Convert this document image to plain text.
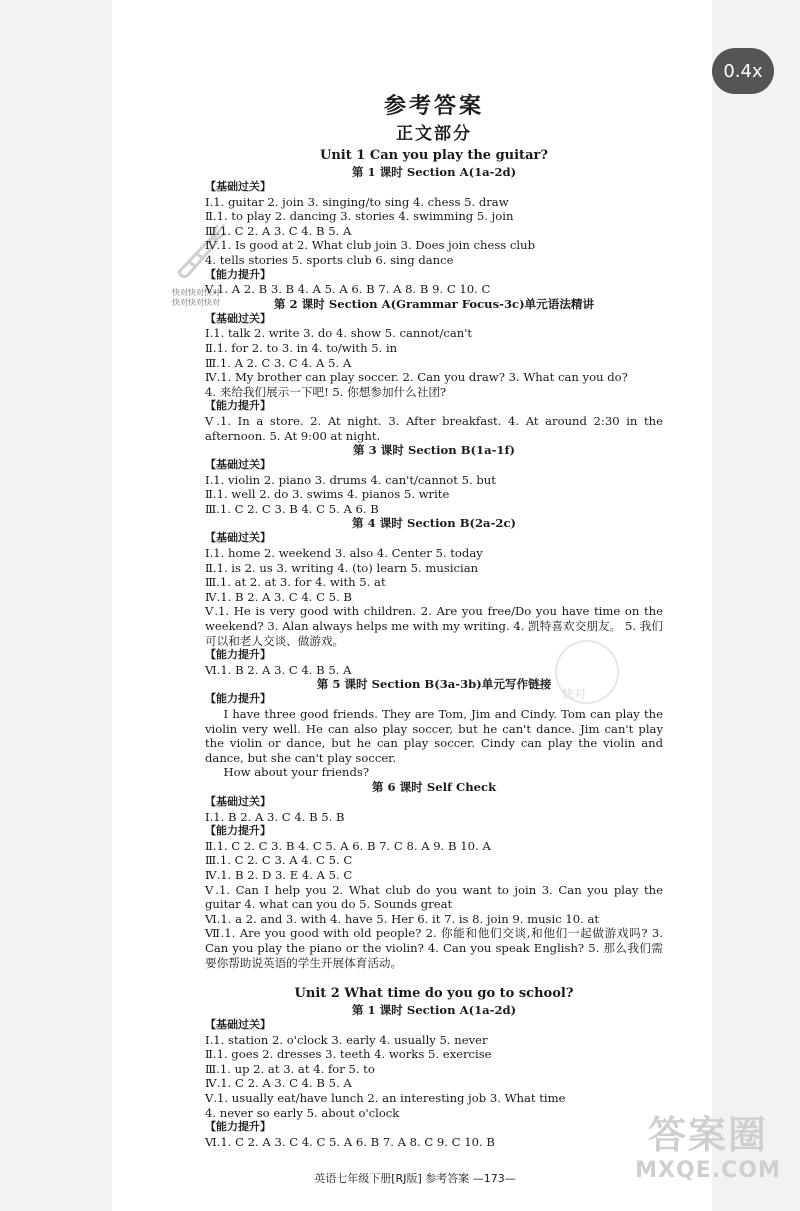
0.4x
快对快对快对
快对快对快对
快对
参考答案
正文部分
Unit 1 Can you play the guitar?
第 1 课时 Section A(1a-2d)
【基础过关】
Ⅰ.1. guitar 2. join 3. singing/to sing 4. chess 5. draw
Ⅱ.1. to play 2. dancing 3. stories 4. swimming 5. join
Ⅲ.1. C 2. A 3. C 4. B 5. A
Ⅳ.1. Is good at 2. What club join 3. Does join chess club
4. tells stories 5. sports club 6. sing dance
【能力提升】
Ⅴ.1. A 2. B 3. B 4. A 5. A 6. B 7. A 8. B 9. C 10. C
第 2 课时 Section A(Grammar Focus-3c)单元语法精讲
【基础过关】
Ⅰ.1. talk 2. write 3. do 4. show 5. cannot/can't
Ⅱ.1. for 2. to 3. in 4. to/with 5. in
Ⅲ.1. A 2. C 3. C 4. A 5. A
Ⅳ.1. My brother can play soccer. 2. Can you draw? 3. What can you do?
4. 来给我们展示一下吧! 5. 你想参加什么社团?
【能力提升】
Ⅴ.1. In a store. 2. At night. 3. After breakfast. 4. At around 2:30 in the afternoon. 5. At 9:00 at night.
第 3 课时 Section B(1a-1f)
【基础过关】
Ⅰ.1. violin 2. piano 3. drums 4. can't/cannot 5. but
Ⅱ.1. well 2. do 3. swims 4. pianos 5. write
Ⅲ.1. C 2. C 3. B 4. C 5. A 6. B
第 4 课时 Section B(2a-2c)
【基础过关】
Ⅰ.1. home 2. weekend 3. also 4. Center 5. today
Ⅱ.1. is 2. us 3. writing 4. (to) learn 5. musician
Ⅲ.1. at 2. at 3. for 4. with 5. at
Ⅳ.1. B 2. A 3. C 4. C 5. B
Ⅴ.1. He is very good with children. 2. Are you free/Do you have time on the weekend? 3. Alan always helps me with my writing. 4. 凯特喜欢交朋友。 5. 我们可以和老人交谈、做游戏。
【能力提升】
Ⅵ.1. B 2. A 3. C 4. B 5. A
第 5 课时 Section B(3a-3b)单元写作链接
【能力提升】
I have three good friends. They are Tom, Jim and Cindy. Tom can play the violin very well. He can also play soccer, but he can't dance. Jim can't play the violin or dance, but he can play soccer. Cindy can play the violin and dance, but she can't play soccer.
How about your friends?
第 6 课时 Self Check
【基础过关】
Ⅰ.1. B 2. A 3. C 4. B 5. B
【能力提升】
Ⅱ.1. C 2. C 3. B 4. C 5. A 6. B 7. C 8. A 9. B 10. A
Ⅲ.1. C 2. C 3. A 4. C 5. C
Ⅳ.1. B 2. D 3. E 4. A 5. C
Ⅴ.1. Can I help you 2. What club do you want to join 3. Can you play the guitar 4. what can you do 5. Sounds great
Ⅵ.1. a 2. and 3. with 4. have 5. Her 6. it 7. is 8. join 9. music 10. at
Ⅶ.1. Are you good with old people? 2. 你能和他们交谈,和他们一起做游戏吗? 3. Can you play the piano or the violin? 4. Can you speak English? 5. 那么我们需要你帮助说英语的学生开展体育活动。
Unit 2 What time do you go to school?
第 1 课时 Section A(1a-2d)
【基础过关】
Ⅰ.1. station 2. o'clock 3. early 4. usually 5. never
Ⅱ.1. goes 2. dresses 3. teeth 4. works 5. exercise
Ⅲ.1. up 2. at 3. at 4. for 5. to
Ⅳ.1. C 2. A 3. C 4. B 5. A
Ⅴ.1. usually eat/have lunch 2. an interesting job 3. What time
4. never so early 5. about o'clock
【能力提升】
Ⅵ.1. C 2. A 3. C 4. C 5. A 6. B 7. A 8. C 9. C 10. B
英语七年级下册[RJ版] 参考答案 —173—
答案圈
MXQE.COM
